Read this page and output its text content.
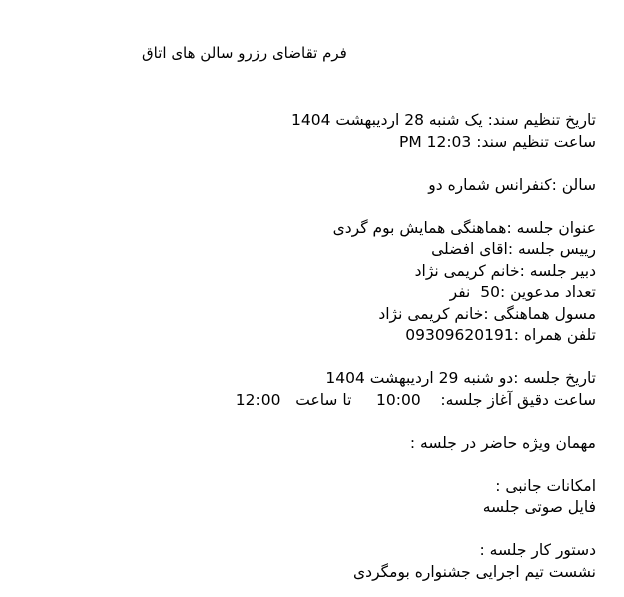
فرم تقاضای رزرو سالن های اتاق
تاریخ تنظیم سند: یک شنبه 28 اردیبهشت 1404
ساعت تنظیم سند: PM 12:03
سالن :کنفرانس شماره دو
عنوان جلسه :هماهنگی همایش بوم گردی
رییس جلسه :اقای افضلی
دبیر جلسه :خانم کریمی نژاد
تعداد مدعوین :50  نفر
مسول هماهنگی :خانم کریمی نژاد
تلفن همراه :09309620191
تاریخ جلسه :دو شنبه 29 اردیبهشت 1404
ساعت دقیق آغاز جلسه:    10:00     تا ساعت   12:00
مهمان ویژه حاضر در جلسه :
امکانات جانبی :
فایل صوتی جلسه
دستور کار جلسه :
نشست تیم اجرایی جشنواره بومگردی
